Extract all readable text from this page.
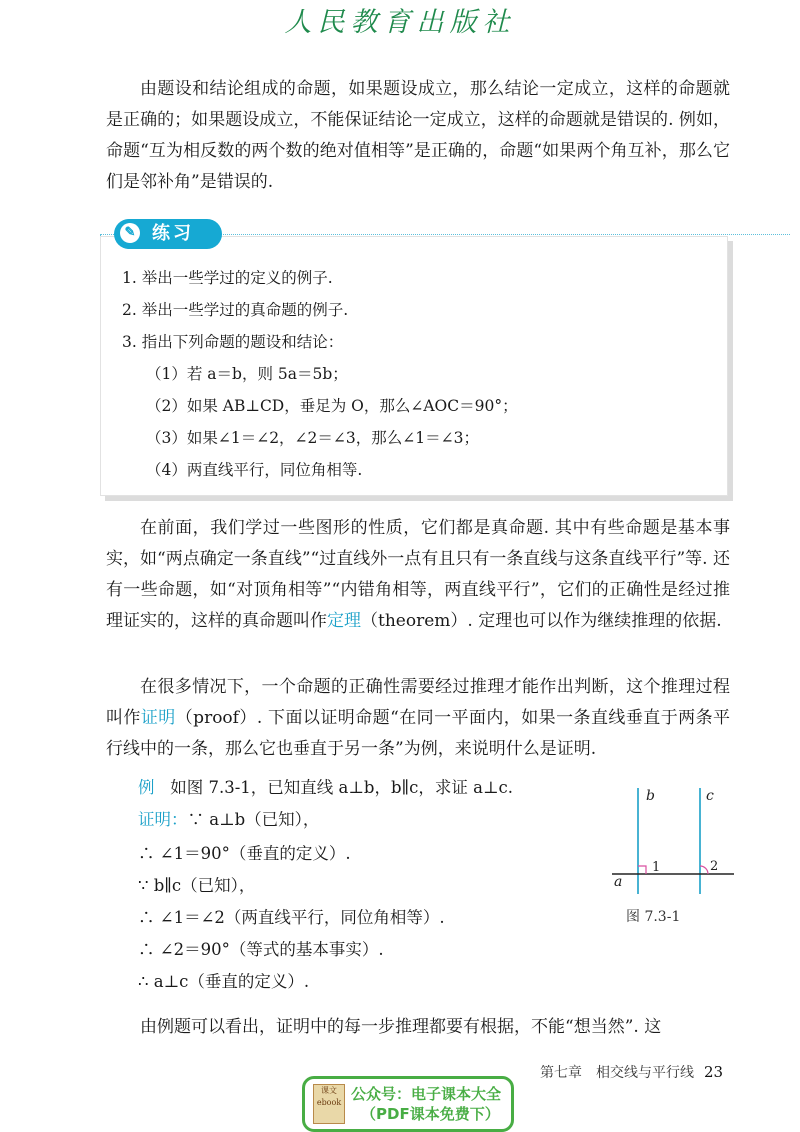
人民教育出版社

由题设和结论组成的命题，如果题设成立，那么结论一定成立，这样的命题就是正确的；如果题设成立，不能保证结论一定成立，这样的命题就是错误的. 例如，命题“互为相反数的两个数的绝对值相等”是正确的，命题“如果两个角互补，那么它们是邻补角”是错误的.

✎ 练习
1. 举出一些学过的定义的例子.
2. 举出一些学过的真命题的例子.
3. 指出下列命题的题设和结论：
（1）若 a＝b，则 5a＝5b；
（2）如果 AB⊥CD，垂足为 O，那么∠AOC＝90°；
（3）如果∠1＝∠2，∠2＝∠3，那么∠1＝∠3；
（4）两直线平行，同位角相等.

在前面，我们学过一些图形的性质，它们都是真命题. 其中有些命题是基本事实，如“两点确定一条直线”“过直线外一点有且只有一条直线与这条直线平行”等. 还有一些命题，如“对顶角相等”“内错角相等，两直线平行”，它们的正确性是经过推理证实的，这样的真命题叫作定理（theorem）. 定理也可以作为继续推理的依据.

在很多情况下，一个命题的正确性需要经过推理才能作出判断，这个推理过程叫作证明（proof）. 下面以证明命题“在同一平面内，如果一条直线垂直于两条平行线中的一条，那么它也垂直于另一条”为例，来说明什么是证明.

例 如图 7.3-1，已知直线 a⊥b，b∥c，求证 a⊥c.
证明：∵ a⊥b（已知），
∴ ∠1＝90°（垂直的定义）.
∵ b∥c（已知），
∴ ∠1＝∠2（两直线平行，同位角相等）.
∴ ∠2＝90°（等式的基本事实）.
∴ a⊥c（垂直的定义）.
b	c
a
1	2
图 7.3-1

由例题可以看出，证明中的每一步推理都要有根据，不能“想当然”. 这

第七章　相交线与平行线 23
课文 ebook 公众号：电子课本大全
（PDF课本免费下）
